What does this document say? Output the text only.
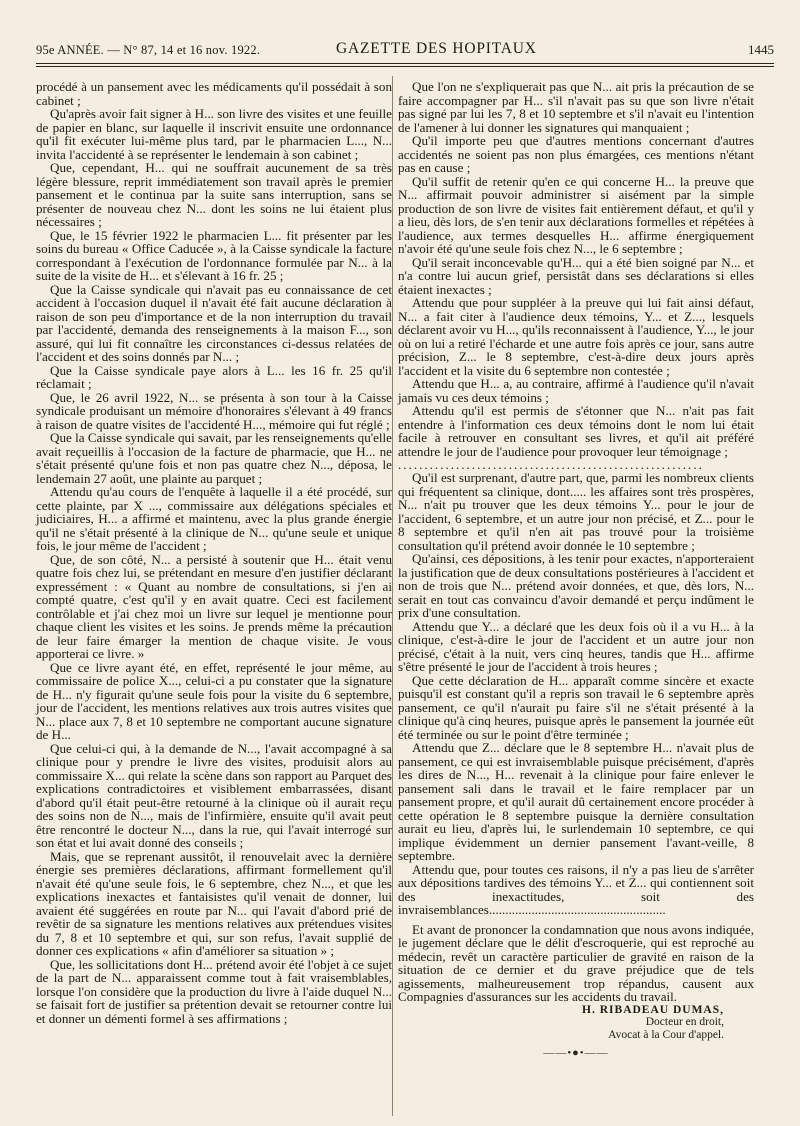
95e ANNÉE. — N° 87, 14 et 16 nov. 1922.	GAZETTE DES HOPITAUX	1445

procédé à un pansement avec les médicaments qu'il possédait à son cabinet ;

Qu'après avoir fait signer à H... son livre des visites et une feuille de papier en blanc, sur laquelle il inscrivit ensuite une ordonnance qu'il fit exécuter lui-même plus tard, par le pharmacien L..., N... invita l'accidenté à se représenter le lendemain à son cabinet ;

Que, cependant, H... qui ne souffrait aucunement de sa très légère blessure, reprit immédiatement son travail après le premier pansement et le continua par la suite sans interruption, sans se présenter de nouveau chez N... dont les soins ne lui étaient plus nécessaires ;

Que, le 15 février 1922 le pharmacien L... fit présenter par les soins du bureau « Office Caducée », à la Caisse syndicale la facture correspondant à l'exécution de l'ordonnance formulée par N... à la suite de la visite de H... et s'élevant à 16 fr. 25 ;

Que la Caisse syndicale qui n'avait pas eu connaissance de cet accident à l'occasion duquel il n'avait été fait aucune déclaration à raison de son peu d'importance et de la non interruption du travail par l'accidenté, demanda des renseignements à la maison F..., son assuré, qui lui fit connaître les circonstances ci-dessus relatées de l'accident et des soins donnés par N... ;

Que la Caisse syndicale paye alors à L... les 16 fr. 25 qu'il réclamait ;

Que, le 26 avril 1922, N... se présenta à son tour à la Caisse syndicale produisant un mémoire d'honoraires s'élevant à 49 francs à raison de quatre visites de l'accidenté H..., mémoire qui fut réglé ;

Que la Caisse syndicale qui savait, par les renseignements qu'elle avait reçueillis à l'occasion de la facture de pharmacie, que H... ne s'était présenté qu'une fois et non pas quatre chez N..., déposa, le lendemain 27 août, une plainte au parquet ;

Attendu qu'au cours de l'enquête à laquelle il a été procédé, sur cette plainte, par X ..., commissaire aux délégations spéciales et judiciaires, H... a affirmé et maintenu, avec la plus grande énergie qu'il ne s'était présenté à la clinique de N... qu'une seule et unique fois, le jour même de l'accident ;

Que, de son côté, N... a persisté à soutenir que H... était venu quatre fois chez lui, se prétendant en mesure d'en justifier déclarant expressément : « Quant au nombre de consultations, si j'en ai compté quatre, c'est qu'il y en avait quatre. Ceci est facilement contrôlable et j'ai chez moi un livre sur lequel je mentionne pour chaque client les visites et les soins. Je prends même la précaution de leur faire émarger la mention de chaque visite. Je vous apporterai ce livre. »

Que ce livre ayant été, en effet, représenté le jour même, au commissaire de police X..., celui-ci a pu constater que la signature de H... n'y figurait qu'une seule fois pour la visite du 6 septembre, jour de l'accident, les mentions relatives aux trois autres visites que N... place aux 7, 8 et 10 septembre ne comportant aucune signature de H...

Que celui-ci qui, à la demande de N..., l'avait accompagné à sa clinique pour y prendre le livre des visites, produisit alors au commissaire X... qui relate la scène dans son rapport au Parquet des explications contradictoires et visiblement embarrassées, disant d'abord qu'il était peut-être retourné à la clinique où il aurait reçu des soins non de N..., mais de l'infirmière, ensuite qu'il avait peut être rencontré le docteur N..., dans la rue, qui l'avait interrogé sur son état et lui avait donné des conseils ;

Mais, que se reprenant aussitôt, il renouvelait avec la dernière énergie ses premières déclarations, affirmant formellement qu'il n'avait été qu'une seule fois, le 6 septembre, chez N..., et que les explications inexactes et fantaisistes qu'il venait de donner, lui avaient été suggérées en route par N... qui l'avait d'abord prié de revêtir de sa signature les mentions relatives aux prétendues visites du 7, 8 et 10 septembre et qui, sur son refus, l'avait supplié de donner ces explications « afin d'améliorer sa situation » ;

Que, les sollicitations dont H... prétend avoir été l'objet à ce sujet de la part de N... apparaissent comme tout à fait vraisemblables, lorsque l'on considère que la production du livre à l'aide duquel N... se faisait fort de justifier sa prétention devait se retourner contre lui et donner un démenti formel à ses affirmations ;

Que l'on ne s'expliquerait pas que N... ait pris la précaution de se faire accompagner par H... s'il n'avait pas su que son livre n'était pas signé par lui les 7, 8 et 10 septembre et s'il n'avait eu l'intention de l'amener à lui donner les signatures qui manquaient ;

Qu'il importe peu que d'autres mentions concernant d'autres accidentés ne soient pas non plus émargées, ces mentions n'étant pas en cause ;

Qu'il suffit de retenir qu'en ce qui concerne H... la preuve que N... affirmait pouvoir administrer si aisément par la simple production de son livre de visites fait entièrement défaut, et qu'il y a lieu, dès lors, de s'en tenir aux déclarations formelles et répétées à l'audience, aux termes desquelles H... affirme énergiquement n'avoir été qu'une seule fois chez N..., le 6 septembre ;

Qu'il serait inconcevable qu'H... qui a été bien soigné par N... et n'a contre lui aucun grief, persistât dans ses déclarations si elles étaient inexactes ;

Attendu que pour suppléer à la preuve qui lui fait ainsi défaut, N... a fait citer à l'audience deux témoins, Y... et Z..., lesquels déclarent avoir vu H..., qu'ils reconnaissent à l'audience, Y..., le jour où on lui a retiré l'écharde et une autre fois après ce jour, sans autre précision, Z... le 8 septembre, c'est-à-dire deux jours après l'accident et la visite du 6 septembre non contestée ;

Attendu que H... a, au contraire, affirmé à l'audience qu'il n'avait jamais vu ces deux témoins ;

Attendu qu'il est permis de s'étonner que N... n'ait pas fait entendre à l'information ces deux témoins dont le nom lui était facile à retrouver en consultant ses livres, et qu'il ait préféré attendre le jour de l'audience pour provoquer leur témoignage ;

..........................................................

Qu'il est surprenant, d'autre part, que, parmi les nombreux clients qui fréquentent sa clinique, dont..... les affaires sont très prospères, N... n'ait pu trouver que les deux témoins Y... pour le jour de l'accident, 6 septembre, et un autre jour non précisé, et Z... pour le 8 septembre et qu'il n'en ait pas trouvé pour la troisième consultation qu'il prétend avoir donnée le 10 septembre ;

Qu'ainsi, ces dépositions, à les tenir pour exactes, n'apporteraient la justification que de deux consultations postérieures à l'accident et non de trois que N... prétend avoir données, et que, dès lors, N... serait en tout cas convaincu d'avoir demandé et perçu indûment le prix d'une consultation.

Attendu que Y... a déclaré que les deux fois où il a vu H... à la clinique, c'est-à-dire le jour de l'accident et un autre jour non précisé, c'était à la nuit, vers cinq heures, tandis que H... affirme s'être présenté le jour de l'accident à trois heures ;

Que cette déclaration de H... apparaît comme sincère et exacte puisqu'il est constant qu'il a repris son travail le 6 septembre après pansement, ce qu'il n'aurait pu faire s'il ne s'était présenté à la clinique qu'à cinq heures, puisque après le pansement la journée eût été terminée ou sur le point d'être terminée ;

Attendu que Z... déclare que le 8 septembre H... n'avait plus de pansement, ce qui est invraisemblable puisque précisément, d'après les dires de N..., H... revenait à la clinique pour faire enlever le pansement sali dans le travail et le faire remplacer par un pansement propre, et qu'il aurait dû certainement encore procéder à cette opération le 8 septembre puisque la dernière consultation aurait eu lieu, d'après lui, le surlendemain 10 septembre, ce qui implique évidemment un dernier pansement l'avant-veille, 8 septembre.

Attendu que, pour toutes ces raisons, il n'y a pas lieu de s'arrêter aux dépositions tardives des témoins Y... et Z... qui contiennent soit des inexactitudes, soit des invraisemblances......................................................

Et avant de prononcer la condamnation que nous avons indiquée, le jugement déclare que le délit d'escroquerie, qui est reproché au médecin, revêt un caractère particulier de gravité en raison de la situation de ce dernier et du grave préjudice que de tels agissements, malheureusement trop répandus, causent aux Compagnies d'assurances sur les accidents du travail.

H. RIBADEAU DUMAS,
Docteur en droit,
Avocat à la Cour d'appel.
——•●•——
